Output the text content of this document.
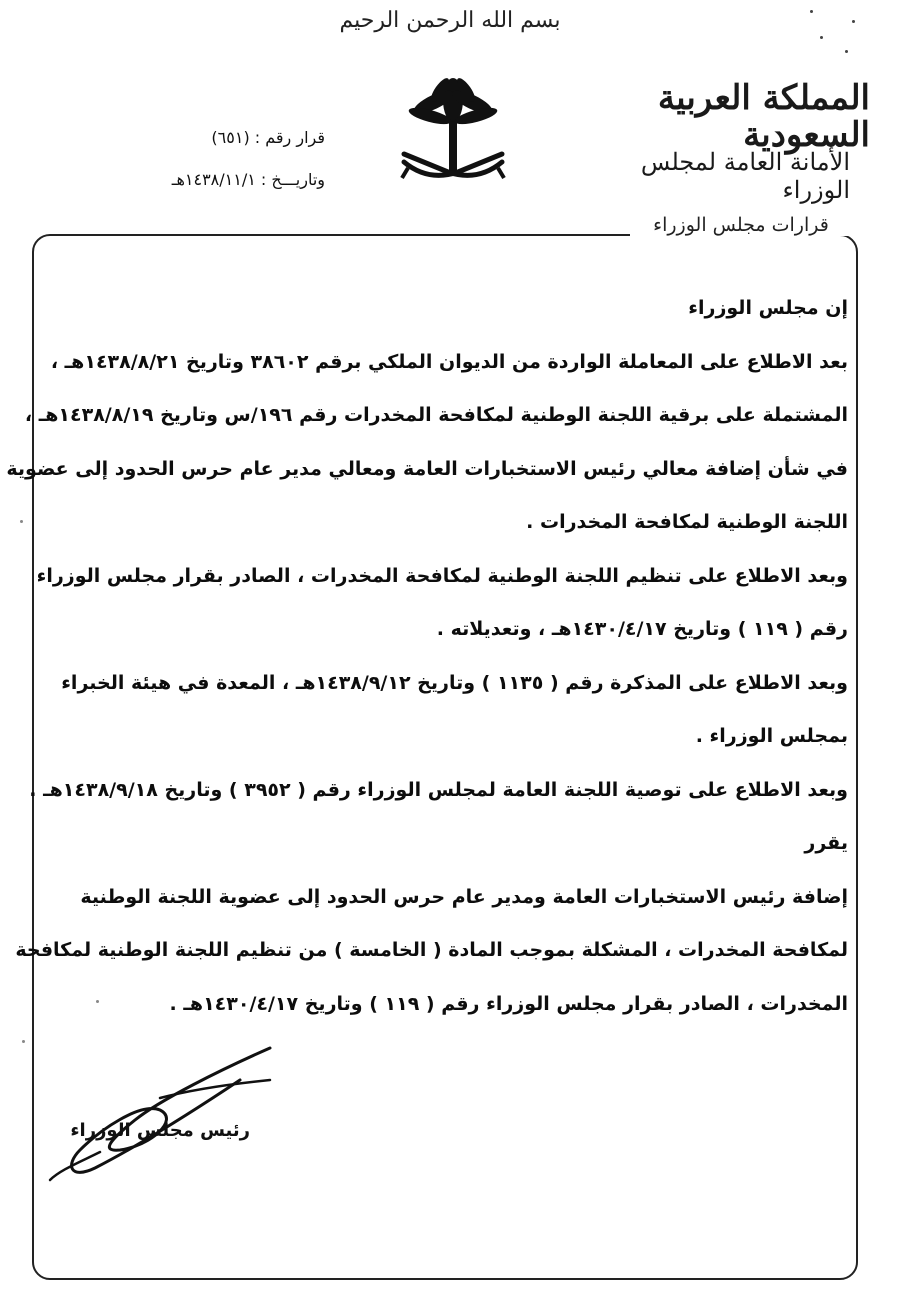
بسم الله الرحمن الرحيم
المملكة العربية السعودية
الأمانة العامة لمجلس الوزراء
قرار رقم : (٦٥١)
وتاريـــخ : ١٤٣٨/١١/١هـ
قرارات مجلس الوزراء
إن مجلس الوزراء
بعد الاطلاع على المعاملة الواردة من الديوان الملكي برقم ٣٨٦٠٢ وتاريخ ١٤٣٨/٨/٢١هـ ،
المشتملة على برقية اللجنة الوطنية لمكافحة المخدرات رقم ١٩٦/س وتاريخ ١٤٣٨/٨/١٩هـ ،
في شأن إضافة معالي رئيس الاستخبارات العامة ومعالي مدير عام حرس الحدود إلى عضوية
اللجنة الوطنية لمكافحة المخدرات .
وبعد الاطلاع على تنظيم اللجنة الوطنية لمكافحة المخدرات ، الصادر بقرار مجلس الوزراء
رقم ( ١١٩ ) وتاريخ ١٤٣٠/٤/١٧هـ ، وتعديلاته .
وبعد الاطلاع على المذكرة رقم ( ١١٣٥ ) وتاريخ ١٤٣٨/٩/١٢هـ ، المعدة في هيئة الخبراء
بمجلس الوزراء .
وبعد الاطلاع على توصية اللجنة العامة لمجلس الوزراء رقم ( ٣٩٥٢ ) وتاريخ ١٤٣٨/٩/١٨هـ .
يقرر
إضافة رئيس الاستخبارات العامة ومدير عام حرس الحدود إلى عضوية اللجنة الوطنية
لمكافحة المخدرات ، المشكلة بموجب المادة ( الخامسة ) من تنظيم اللجنة الوطنية لمكافحة
المخدرات ، الصادر بقرار مجلس الوزراء رقم ( ١١٩ ) وتاريخ ١٤٣٠/٤/١٧هـ .
رئيس مجلس الوزراء
